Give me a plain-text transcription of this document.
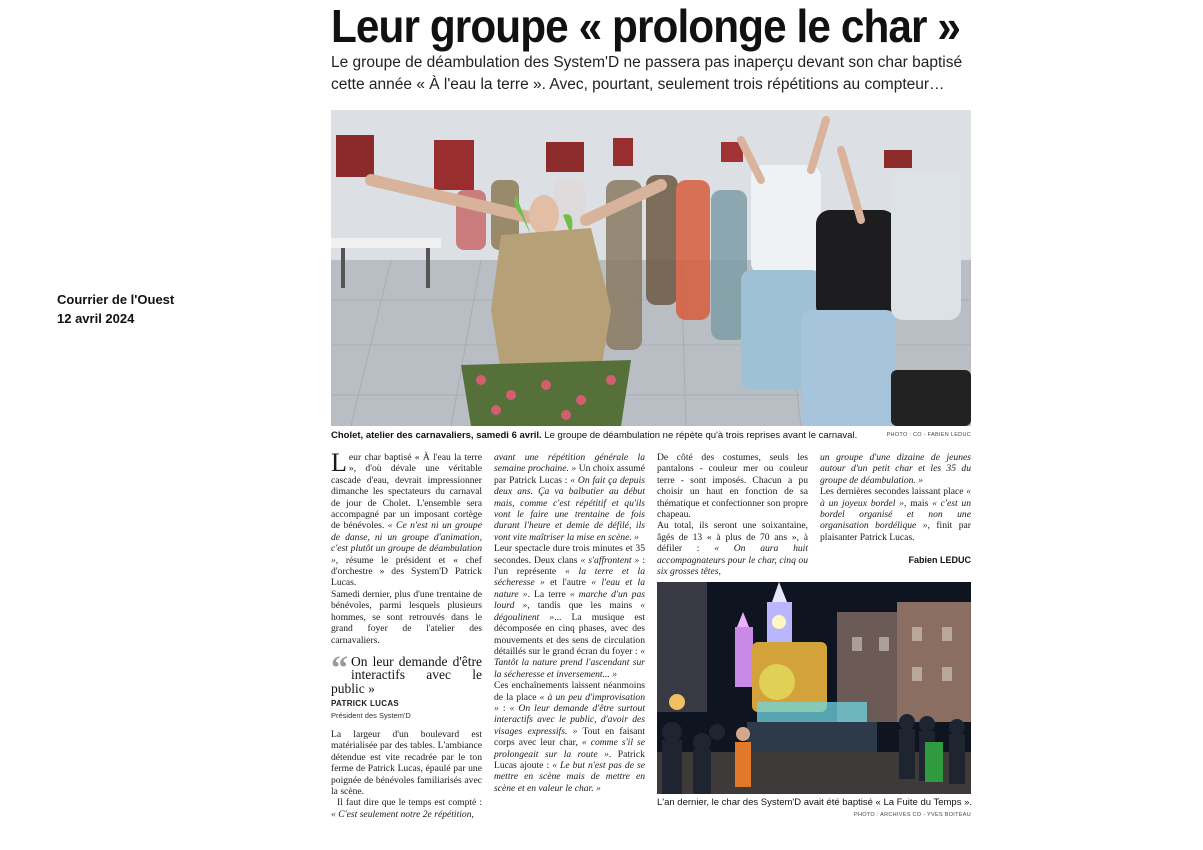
Courrier de l'Ouest
12 avril 2024
Leur groupe « prolonge le char »

Le groupe de déambulation des System'D ne passera pas inaperçu devant son char baptisé cette année « À l'eau la terre ». Avec, pourtant, seulement trois répétitions au compteur…

Cholet, atelier des carnavaliers, samedi 6 avril. Le groupe de déambulation ne répète qu'à trois reprises avant le carnaval.	PHOTO : CO - FABIEN LEDUC

Leur char baptisé « À l'eau la terre », d'où dévale une véritable cascade d'eau, devrait impressionner dimanche les spectateurs du carnaval de jour de Cholet. L'ensemble sera accompagné par un imposant cortège de bénévoles. « Ce n'est ni un groupe de danse, ni un groupe d'animation, c'est plutôt un groupe de déambulation », résume le président et « chef d'orchestre » des System'D Patrick Lucas.

Samedi dernier, plus d'une trentaine de bénévoles, parmi lesquels plusieurs hommes, se sont retrouvés dans le grand foyer de l'atelier des carnavaliers.

“ On leur demande d'être interactifs avec le public »
PATRICK LUCAS
Président des System'D

La largeur d'un boulevard est matérialisée par des tables. L'ambiance détendue est vite recadrée par le ton ferme de Patrick Lucas, épaulé par une poignée de bénévoles familiarisés avec la scène.

Il faut dire que le temps est compté : « C'est seulement notre 2e répétition,

avant une répétition générale la semaine prochaine. » Un choix assumé par Patrick Lucas : « On fait ça depuis deux ans. Ça va balbutier au début mais, comme c'est répétitif et qu'ils vont le faire une trentaine de fois durant l'heure et demie de défilé, ils vont vite maîtriser la mise en scène. »

Leur spectacle dure trois minutes et 35 secondes. Deux clans « s'affrontent » : l'un représente « la terre et la sécheresse » et l'autre « l'eau et la nature ». La terre « marche d'un pas lourd », tandis que les mains « dégoulinent »... La musique est décomposée en cinq phases, avec des mouvements et des sens de circulation détaillés sur le grand écran du foyer : « Tantôt la nature prend l'ascendant sur la sécheresse et inversement... »

Ces enchaînements laissent néanmoins de la place « à un peu d'improvisation » : « On leur demande d'être surtout interactifs avec le public, d'avoir des visages expressifs. » Tout en faisant corps avec leur char, « comme s'il se prolongeait sur la route ». Patrick Lucas ajoute : « Le but n'est pas de se mettre en scène mais de mettre en scène et en valeur le char. »

De côté des costumes, seuls les pantalons - couleur mer ou couleur terre - sont imposés. Chacun a pu choisir un haut en fonction de sa thématique et confectionner son propre chapeau.

Au total, ils seront une soixantaine, âgés de 13 « à plus de 70 ans », à défiler : « On aura huit accompagnateurs pour le char, cinq ou six grosses têtes,

un groupe d'une dizaine de jeunes autour d'un petit char et les 35 du groupe de déambulation. »

Les dernières secondes laissant place « à un joyeux bordel », mais « c'est un bordel organisé et non une organisation bordélique », finit par plaisanter Patrick Lucas.

Fabien LEDUC

L'an dernier, le char des System'D avait été baptisé « La Fuite du Temps ».

PHOTO : ARCHIVES CO - YVES BOITEAU
